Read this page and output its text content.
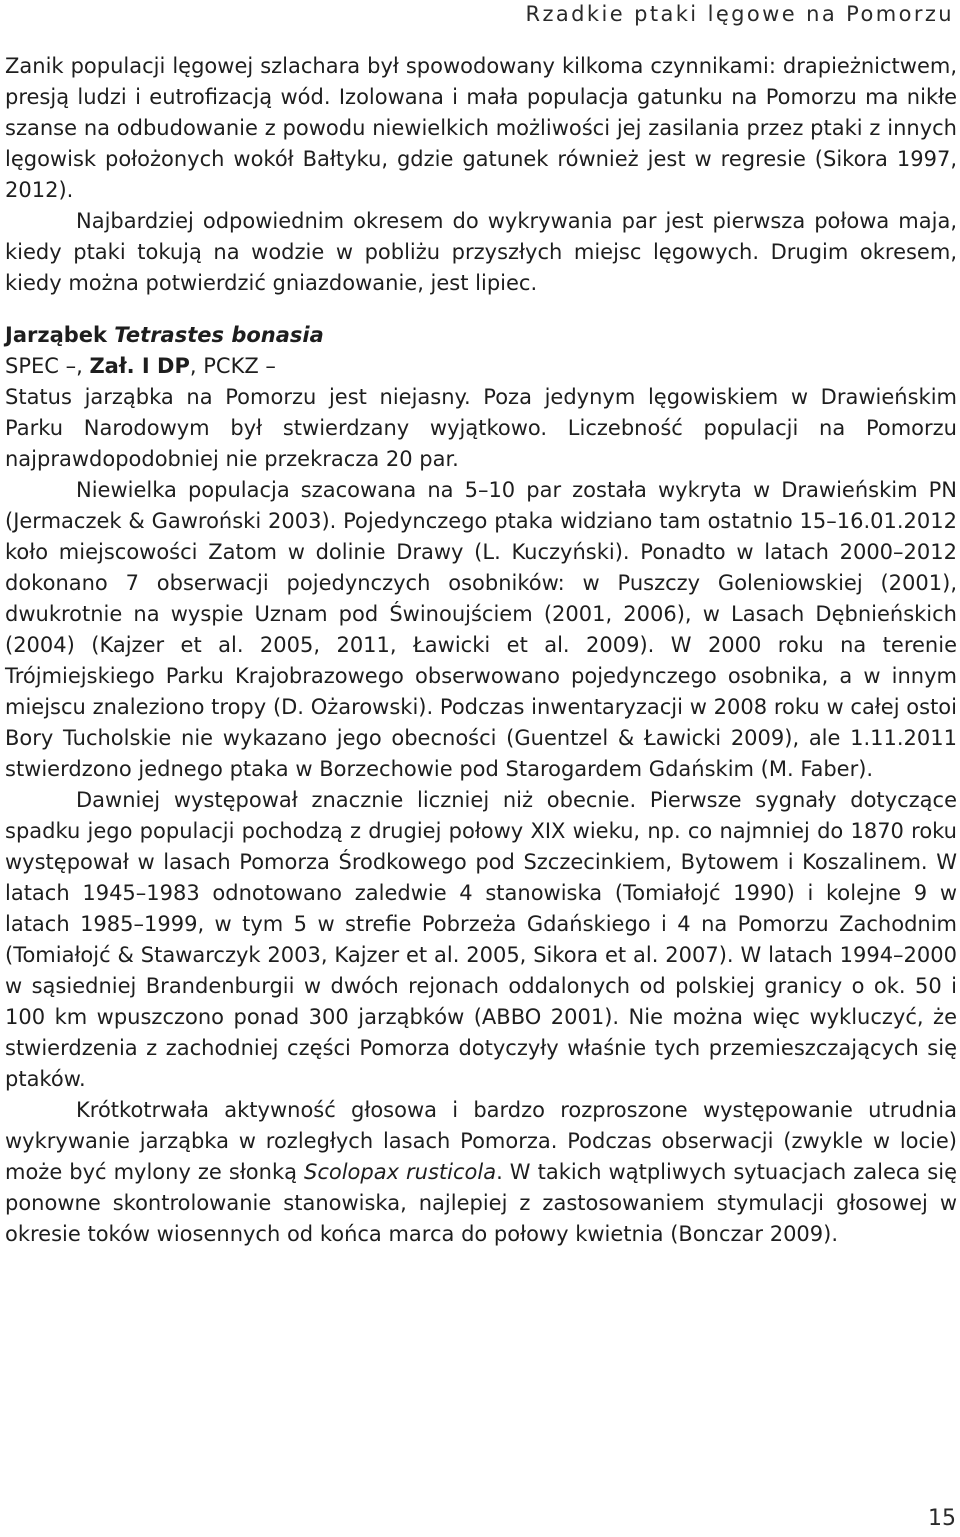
Rzadkie ptaki lęgowe na Pomorzu

Zanik populacji lęgowej szlachara był spowodowany kilkoma czynnikami: drapieżnictwem, presją ludzi i eutrofizacją wód. Izolowana i mała populacja gatunku na Pomorzu ma nikłe szanse na odbudowanie z powodu niewielkich możliwości jej zasilania przez ptaki z innych lęgowisk położonych wokół Bałtyku, gdzie gatunek również jest w regresie (Sikora 1997, 2012).

Najbardziej odpowiednim okresem do wykrywania par jest pierwsza połowa maja, kiedy ptaki tokują na wodzie w pobliżu przyszłych miejsc lęgowych. Drugim okresem, kiedy można potwierdzić gniazdowanie, jest lipiec.

Jarząbek Tetrastes bonasia

SPEC –, Zał. I DP, PCKZ –

Status jarząbka na Pomorzu jest niejasny. Poza jedynym lęgowiskiem w Drawieńskim Parku Narodowym był stwierdzany wyjątkowo. Liczebność populacji na Pomorzu najprawdopodobniej nie przekracza 20 par.

Niewielka populacja szacowana na 5–10 par została wykryta w Drawieńskim PN (Jermaczek & Gawroński 2003). Pojedynczego ptaka widziano tam ostatnio 15–16.01.2012 koło miejscowości Zatom w dolinie Drawy (L. Kuczyński). Ponadto w latach 2000–2012 dokonano 7 obserwacji pojedynczych osobników: w Puszczy Goleniowskiej (2001), dwukrotnie na wyspie Uznam pod Świnoujściem (2001, 2006), w Lasach Dębnieńskich (2004) (Kajzer et al. 2005, 2011, Ławicki et al. 2009). W 2000 roku na terenie Trójmiejskiego Parku Krajobrazowego obserwowano pojedynczego osobnika, a w innym miejscu znaleziono tropy (D. Ożarowski). Podczas inwentaryzacji w 2008 roku w całej ostoi Bory Tucholskie nie wykazano jego obecności (Guentzel & Ławicki 2009), ale 1.11.2011 stwierdzono jednego ptaka w Borzechowie pod Starogardem Gdańskim (M. Faber).

Dawniej występował znacznie liczniej niż obecnie. Pierwsze sygnały dotyczące spadku jego populacji pochodzą z drugiej połowy XIX wieku, np. co najmniej do 1870 roku występował w lasach Pomorza Środkowego pod Szczecinkiem, Bytowem i Koszalinem. W latach 1945–1983 odnotowano zaledwie 4 stanowiska (Tomiałojć 1990) i kolejne 9 w latach 1985–1999, w tym 5 w strefie Pobrzeża Gdańskiego i 4 na Pomorzu Zachodnim (Tomiałojć & Stawarczyk 2003, Kajzer et al. 2005, Sikora et al. 2007). W latach 1994–2000 w sąsiedniej Brandenburgii w dwóch rejonach oddalonych od polskiej granicy o ok. 50 i 100 km wpuszczono ponad 300 jarząbków (ABBO 2001). Nie można więc wykluczyć, że stwierdzenia z zachodniej części Pomorza dotyczyły właśnie tych przemieszczających się ptaków.

Krótkotrwała aktywność głosowa i bardzo rozproszone występowanie utrudnia wykrywanie jarząbka w rozległych lasach Pomorza. Podczas obserwacji (zwykle w locie) może być mylony ze słonką Scolopax rusticola. W takich wątpliwych sytuacjach zaleca się ponowne skontrolowanie stanowiska, najlepiej z zastosowaniem stymulacji głosowej w okresie toków wiosennych od końca marca do połowy kwietnia (Bonczar 2009).

15
